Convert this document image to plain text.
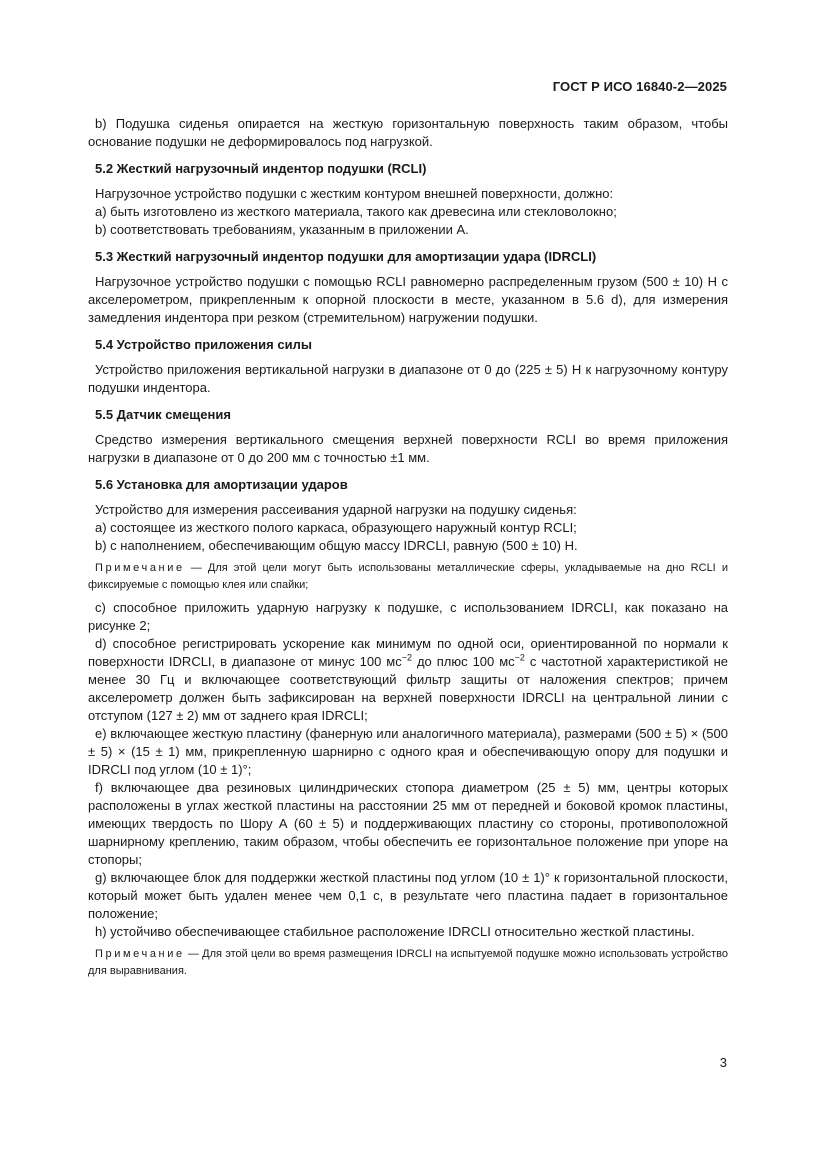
ГОСТ Р ИСО 16840-2—2025

b) Подушка сиденья опирается на жесткую горизонтальную поверхность таким образом, чтобы основание подушки не деформировалось под нагрузкой.

5.2 Жесткий нагрузочный индентор подушки (RCLI)

Нагрузочное устройство подушки с жестким контуром внешней поверхности, должно:

a) быть изготовлено из жесткого материала, такого как древесина или стекловолокно;

b) соответствовать требованиям, указанным в приложении А.

5.3 Жесткий нагрузочный индентор подушки для амортизации удара (IDRCLI)

Нагрузочное устройство подушки с помощью RCLI равномерно распределенным грузом (500 ± 10) Н с акселерометром, прикрепленным к опорной плоскости в месте, указанном в 5.6 d), для измерения замедления индентора при резком (стремительном) нагружении подушки.

5.4 Устройство приложения силы

Устройство приложения вертикальной нагрузки в диапазоне от 0 до (225 ± 5) Н к нагрузочному контуру подушки индентора.

5.5 Датчик смещения

Средство измерения вертикального смещения верхней поверхности RCLI во время приложения нагрузки в диапазоне от 0 до 200 мм с точностью ±1 мм.

5.6 Установка для амортизации ударов

Устройство для измерения рассеивания ударной нагрузки на подушку сиденья:

a) состоящее из жесткого полого каркаса, образующего наружный контур RCLI;

b) с наполнением, обеспечивающим общую массу IDRCLI, равную (500 ± 10) Н.

Примечание — Для этой цели могут быть использованы металлические сферы, укладываемые на дно RCLI и фиксируемые с помощью клея или спайки;

c) способное приложить ударную нагрузку к подушке, с использованием IDRCLI, как показано на рисунке 2;

d) способное регистрировать ускорение как минимум по одной оси, ориентированной по нормали к поверхности IDRCLI, в диапазоне от минус 100 $мс^{-2}$ до плюс 100 $мс^{-2}$ с частотной характеристикой не менее 30 Гц и включающее соответствующий фильтр защиты от наложения спектров; причем акселерометр должен быть зафиксирован на верхней поверхности IDRCLI на центральной линии с отступом (127 ± 2) мм от заднего края IDRCLI;

e) включающее жесткую пластину (фанерную или аналогичного материала), размерами (500 ± 5) × (500 ± 5) × (15 ± 1) мм, прикрепленную шарнирно с одного края и обеспечивающую опору для подушки и IDRCLI под углом (10 ± 1)°;

f) включающее два резиновых цилиндрических стопора диаметром (25 ± 5) мм, центры которых расположены в углах жесткой пластины на расстоянии 25 мм от передней и боковой кромок пластины, имеющих твердость по Шору А (60 ± 5) и поддерживающих пластину со стороны, противоположной шарнирному креплению, таким образом, чтобы обеспечить ее горизонтальное положение при упоре на стопоры;

g) включающее блок для поддержки жесткой пластины под углом (10 ± 1)° к горизонтальной плоскости, который может быть удален менее чем 0,1 с, в результате чего пластина падает в горизонтальное положение;

h) устойчиво обеспечивающее стабильное расположение IDRCLI относительно жесткой пластины.

Примечание — Для этой цели во время размещения IDRCLI на испытуемой подушке можно использовать устройство для выравнивания.

3
